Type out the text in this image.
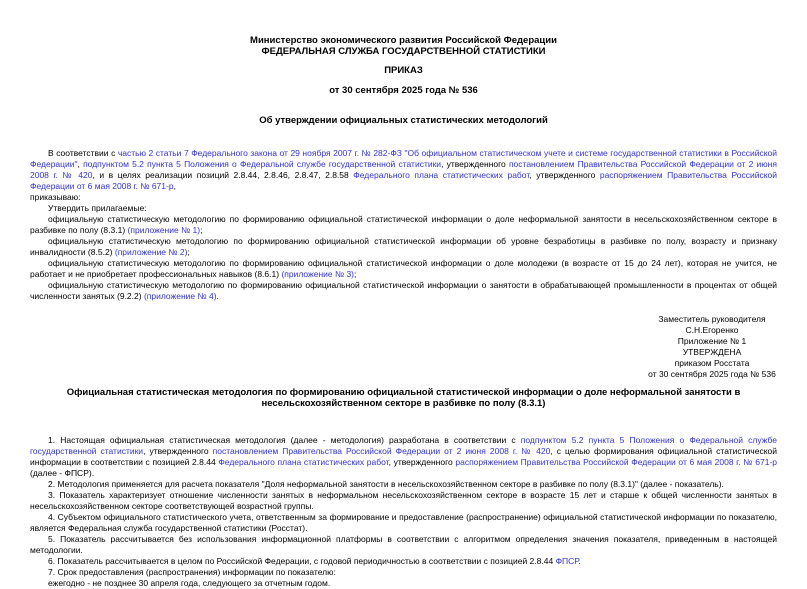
Министерство экономического развития Российской Федерации
ФЕДЕРАЛЬНАЯ СЛУЖБА ГОСУДАРСТВЕННОЙ СТАТИСТИКИ
ПРИКАЗ
от 30 сентября 2025 года № 536
Об утверждении официальных статистических методологий

В соответствии с частью 2 статьи 7 Федерального закона от 29 ноября 2007 г. № 282-ФЗ "Об официальном статистическом учете и системе государственной статистики в Российской Федерации", подпунктом 5.2 пункта 5 Положения о Федеральной службе государственной статистики, утвержденного постановлением Правительства Российской Федерации от 2 июня 2008 г. № 420, и в целях реализации позиций 2.8.44, 2.8.46, 2.8.47, 2.8.58 Федерального плана статистических работ, утвержденного распоряжением Правительства Российской Федерации от 6 мая 2008 г. № 671-р,

приказываю:

Утвердить прилагаемые:

официальную статистическую методологию по формированию официальной статистической информации о доле неформальной занятости в несельскохозяйственном секторе в разбивке по полу (8.3.1) (приложение № 1);

официальную статистическую методологию по формированию официальной статистической информации об уровне безработицы в разбивке по полу, возрасту и признаку инвалидности (8.5.2) (приложение № 2);

официальную статистическую методологию по формированию официальной статистической информации о доле молодежи (в возрасте от 15 до 24 лет), которая не учится, не работает и не приобретает профессиональных навыков (8.6.1) (приложение № 3);

официальную статистическую методологию по формированию официальной статистической информации о занятости в обрабатывающей промышленности в процентах от общей численности занятых (9.2.2) (приложение № 4).

Заместитель руководителя
С.Н.Егоренко
Приложение № 1
УТВЕРЖДЕНА
приказом Росстата
от 30 сентября 2025 года № 536
Официальная статистическая методология по формированию официальной статистической информации о доле неформальной занятости в несельскохозяйственном секторе в разбивке по полу (8.3.1)

1. Настоящая официальная статистическая методология (далее - методология) разработана в соответствии с подпунктом 5.2 пункта 5 Положения о Федеральной службе государственной статистики, утвержденного постановлением Правительства Российской Федерации от 2 июня 2008 г. № 420, с целью формирования официальной статистической информации в соответствии с позицией 2.8.44 Федерального плана статистических работ, утвержденного распоряжением Правительства Российской Федерации от 6 мая 2008 г. № 671-р (далее - ФПСР).

2. Методология применяется для расчета показателя "Доля неформальной занятости в несельскохозяйственном секторе в разбивке по полу (8.3.1)" (далее - показатель).

3. Показатель характеризует отношение численности занятых в неформальном несельскохозяйственном секторе в возрасте 15 лет и старше к общей численности занятых в несельскохозяйственном секторе соответствующей возрастной группы.

4. Субъектом официального статистического учета, ответственным за формирование и предоставление (распространение) официальной статистической информации по показателю, является Федеральная служба государственной статистики (Росстат).

5. Показатель рассчитывается без использования информационной платформы в соответствии с алгоритмом определения значения показателя, приведенным в настоящей методологии.

6. Показатель рассчитывается в целом по Российской Федерации, с годовой периодичностью в соответствии с позицией 2.8.44 ФПСР.

7. Срок предоставления (распространения) информации по показателю:

ежегодно - не позднее 30 апреля года, следующего за отчетным годом.
